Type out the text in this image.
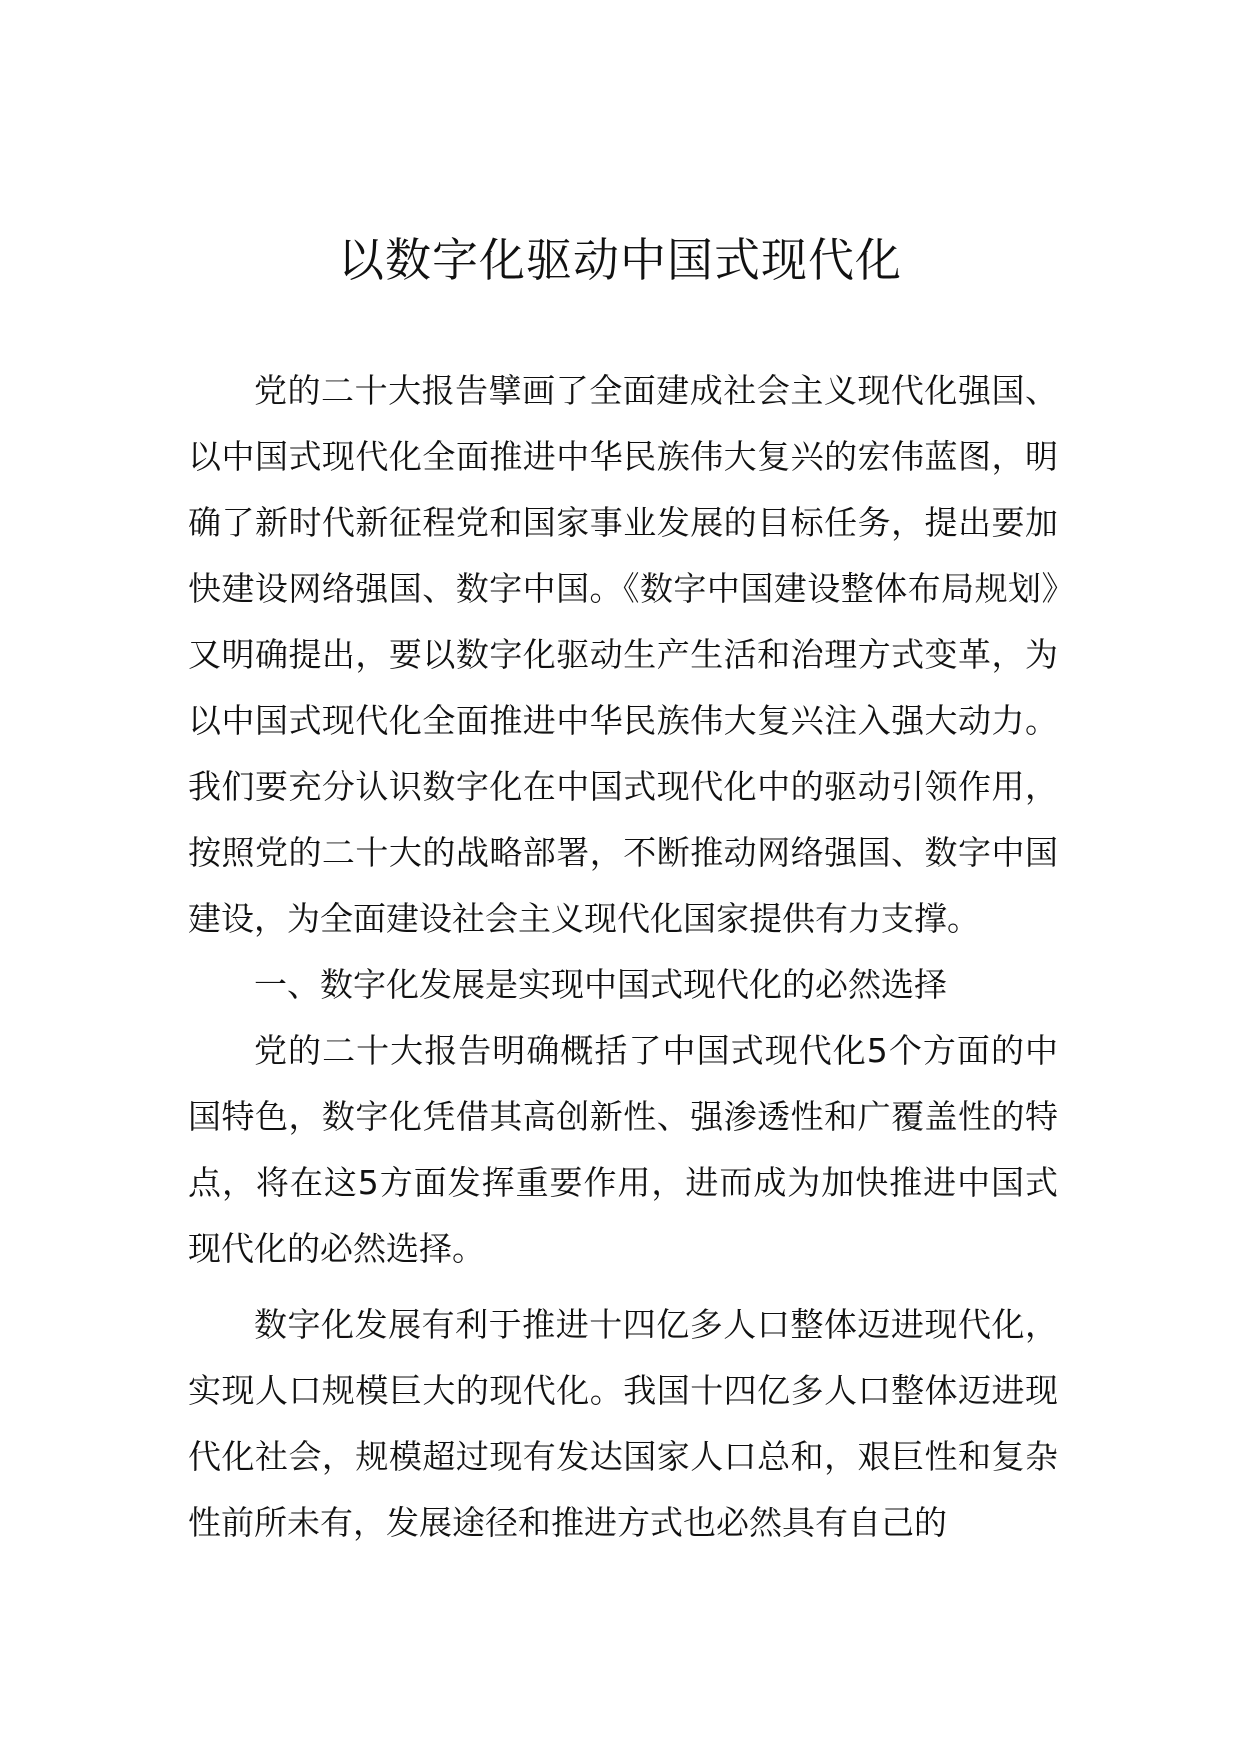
以数字化驱动中国式现代化

党的二十大报告擘画了全面建成社会主义现代化强国、以中国式现代化全面推进中华民族伟大复兴的宏伟蓝图，明确了新时代新征程党和国家事业发展的目标任务，提出要加快建设网络强国、数字中国。《数字中国建设整体布局规划》又明确提出，要以数字化驱动生产生活和治理方式变革，为以中国式现代化全面推进中华民族伟大复兴注入强大动力。我们要充分认识数字化在中国式现代化中的驱动引领作用，按照党的二十大的战略部署，不断推动网络强国、数字中国建设，为全面建设社会主义现代化国家提供有力支撑。

一、数字化发展是实现中国式现代化的必然选择

党的二十大报告明确概括了中国式现代化5个方面的中国特色，数字化凭借其高创新性、强渗透性和广覆盖性的特点，将在这5方面发挥重要作用，进而成为加快推进中国式现代化的必然选择。

数字化发展有利于推进十四亿多人口整体迈进现代化，实现人口规模巨大的现代化。我国十四亿多人口整体迈进现代化社会，规模超过现有发达国家人口总和，艰巨性和复杂性前所未有，发展途径和推进方式也必然具有自己的
